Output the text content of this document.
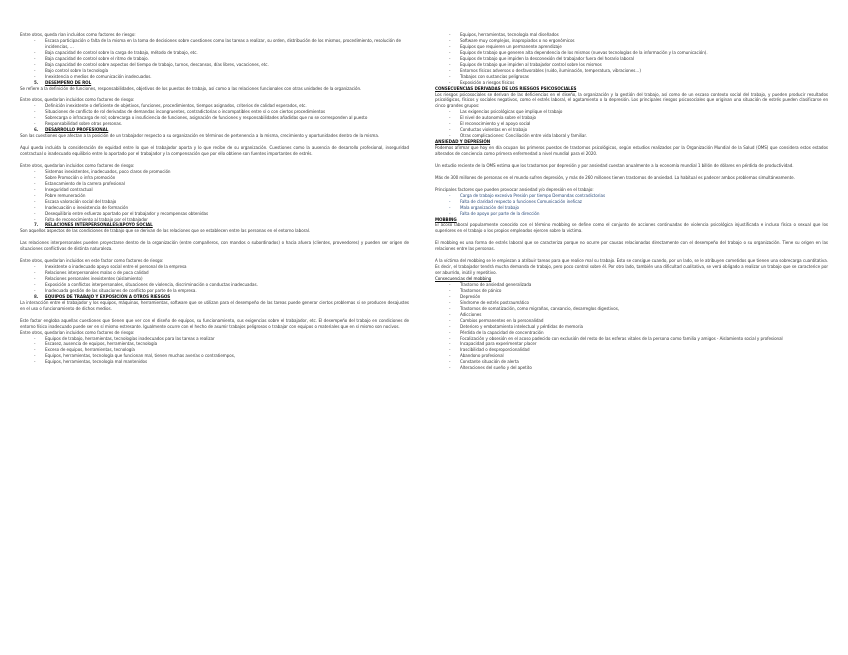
Entre otros, queda rían incluidos como factores de riesgo:

- Escasa participación o falta de la misma en la toma de decisiones sobre cuestiones como las tareas a realizar, su orden, distribución de los mismos, procedimiento, resolución de incidencias, …
- Baja capacidad de control sobre la carga de trabajo, método de trabajo, etc.
- Baja capacidad de control sobre el ritmo de trabajo.
- Baja capacidad de control sobre aspectos del tiempo de trabajo, turnos, descansos, días libres, vacaciones, etc.
- Bajo control sobre la tecnología
- Inexistencia o medios de comunicación inadecuados.
5. DESEMPEÑO DE ROL

Se refiere a la definición de funciones, responsabilidades, objetivos de los puestos de trabajo, así como a las relaciones funcionales con otras unidades de la organización.

Entre otros, quedarían incluidos como factores de riesgo:

- Definición inexistente o deficiente de objetivos, funciones, procedimientos, tiempos asignados, criterios de calidad esperados, etc.
- Situaciones de conflicto de rol derivadas de demandas incongruentes, contradictorias o incompatibles entre sí o con ciertos procedimientos
- Sobrecarga o infracarga de rol; sobrecarga o insuficiencia de funciones, asignación de funciones y responsabilidades añadidas que no se corresponden al puesto
- Responsabilidad sobre otras personas.
6. DESARROLLO PROFESIONAL

Son las cuestiones que afectan a la posición de un trabajador respecto a su organización en términos de pertenencia a la misma, crecimiento y oportunidades dentro de la misma.

Aquí queda incluida la consideración de equidad entre lo que el trabajador aporta y lo que recibe de su organización. Cuestiones como la ausencia de desarrollo profesional, inseguridad contractual o inadecuado equilibrio entre lo aportado por el trabajador y la compensación que por ello obtiene son fuentes importantes de estrés.

Entre otros, quedarían incluidos como factores de riesgo:

- Sistemas inexistentes, inadecuados, poco claros de promoción
- Sobre Promoción o infra promoción
- Estancamiento de la carrera profesional
- Inseguridad contractual
- Pobre remuneración
- Escasa valoración social del trabajo
- Inadecuación o inexistencia de formación
- Desequilibrio entre esfuerzo aportado por el trabajador y recompensas obtenidas
- Falta de reconocimiento al trabajo por el trabajador
7. RELACIONES INTERPERSONALES/APOYO SOCIAL

Son aquellos aspectos de las condiciones de trabajo que se derivan de las relaciones que se establecen entre las personas en el entorno laboral.

Las relaciones interpersonales pueden proyectarse dentro de la organización (entre compañeros, con mandos o subordinados) o hacia afuera (clientes, proveedores) y pueden ser origen de situaciones conflictivas de distinta naturaleza.

Entre otros, quedarían incluidos en este factor como factores de riesgo:

- Inexistente o inadecuado apoyo social entre el personal de la empresa
- Relaciones interpersonales malas o de poca calidad
- Relaciones personales inexistentes (aislamiento)
- Exposición a conflictos interpersonales, situaciones de violencia, discriminación o conductas inadecuadas.
- Inadecuada gestión de las situaciones de conflicto por parte de la empresa.
8. EQUIPOS DE TRABAJO Y EXPOSICIÓN A OTROS RIESGOS

La interacción entre el trabajador y los equipos, máquinas, herramientas, software que se utilizan para el desempeño de las tareas puede generar ciertos problemas si se producen desajustes en el uso o funcionamiento de dichos medios.

Este factor engloba aquellas cuestiones que tienen que ver con el diseño de equipos, su funcionamiento, sus exigencias sobre el trabajador, etc. El desempeño del trabajo en condiciones de entorno físico inadecuado puede ser en sí mismo estresante. Igualmente ocurre con el hecho de asumir trabajos peligrosos o trabajar con equipos o materiales que en sí mismo son nocivos.

Entre otros, quedarían incluidos como factores de riesgo:

- Equipos de trabajo, herramientas, tecnologías inadecuados para las tareas a realizar
- Escasez, ausencia de equipos, herramientas, tecnología
- Exceso de equipos, herramientas, tecnología
- Equipos, herramientas, tecnología que funcionan mal, tienen muchas averías o contratiempos,
- Equipos, herramientas, tecnología mal mantenidos
- Equipos, herramientas, tecnología mal diseñados
- Software muy complejos, inapropiados o no ergonómicos
- Equipos que requieren un permanente aprendizaje
- Equipos de trabajo que generen alta dependencia de los mismos (nuevas tecnologías de la información y la comunicación).
- Equipos de trabajo que impiden la desconexión del trabajador fuera del horario laboral
- Equipos de trabajo que impiden al trabajador control sobre los mismos
- Entornos físicos adversos o desfavorables (ruido, iluminación, temperatura, vibraciones…)
- Trabajos con sustancias peligrosas
- Exposición a riesgos físicos
CONSECUENCIAS DERIVADAS DE LOS RIESGOS PSICOSOCIALES

Los riesgos psicosociales se derivan de las deficiencias en el diseño, la organización y la gestión del trabajo, así como de un escaso contexto social del trabajo, y pueden producir resultados psicológicos, físicos y sociales negativos, como el estrés laboral, el agotamiento o la depresión. Los principales riesgos psicosociales que originan una situación de estrés pueden clasificarse en cinco grandes grupos:

- Las exigencias psicológicas que implique el trabajo
- El nivel de autonomía sobre el trabajo
- El reconocimiento y el apoyo social
- Conductas violentas en el trabajo
- Otras complicaciones: Conciliación entre vida laboral y familiar.
ANSIEDAD Y DEPRESIÓN

Podemos afirmar que hoy en día ocupan los primeros puestos de trastornos psicológicos, según estudios realizados por la Organización Mundial de la Salud (OMS) que considera estos estados alterados de conciencia como primera enfermedad a nivel mundial para el 2020.

Un estudio reciente de la OMS estima que los trastornos por depresión y por ansiedad cuestan anualmente a la economía mundial 1 billón de dólares en pérdida de productividad.

Más de 300 millones de personas en el mundo sufren depresión, y más de 260 millones tienen trastornos de ansiedad. La habitual es padecer ambos problemas simultáneamente.

Principales factores que pueden provocar ansiedad y/o depresión en el trabajo:

- Carga de trabajo excesiva Presión por tiempo Demandas contradictorias
- Falta de claridad respecto a funciones Comunicación ineficaz
- Mala organización del trabajo
- Falta de apoyo por parte de la dirección
MOBBING

El acoso laboral popularmente conocido con el término mobbing se define como el conjunto de acciones continuadas de violencia psicológica injustificada e incluso física o sexual que los superiores en el trabajo o los propios empleados ejercen sobre la víctima.

El mobbing es una forma de estrés laboral que se caracteriza porque no ocurre por causas relacionadas directamente con el desempeño del trabajo o su organización. Tiene su origen en las relaciones entre las personas.

A la víctima del mobbing se le empiezan a atribuir tareas para que realice mal su trabajo. Esto se consigue cuando, por un lado, se le atribuyen cometidos que tienen una sobrecarga cuantitativa. Es decir, el trabajador tendrá mucha demanda de trabajo, pero poco control sobre él. Por otro lado, también una dificultad cualitativa, se verá obligado a realizar un trabajo que se caracterice por ser aburrido, inútil y repetitivo.

Consecuencias del mobbing
- Trastorno de ansiedad generalizada
- Trastornos de pánico
- Depresión
- Síndrome de estrés postraumático
- Trastornos de somatización, como migrañas, cansancio, desarreglos digestivos,
- Adicciones
- Cambios permanentes en la personalidad
- Deterioro y embotamiento intelectual y pérdidas de memoria
- Pérdida de la capacidad de concentración
- Focalización y obsesión en el acoso padecido con exclusión del resto de las esferas vitales de la persona como familia y amigos - Aislamiento social y profesional
- Incapacidad para experimentar placer
- Irascibilidad o desproporcionalidad
- Abandono profesional
- Constante situación de alerta
- Alteraciones del sueño y del apetito
